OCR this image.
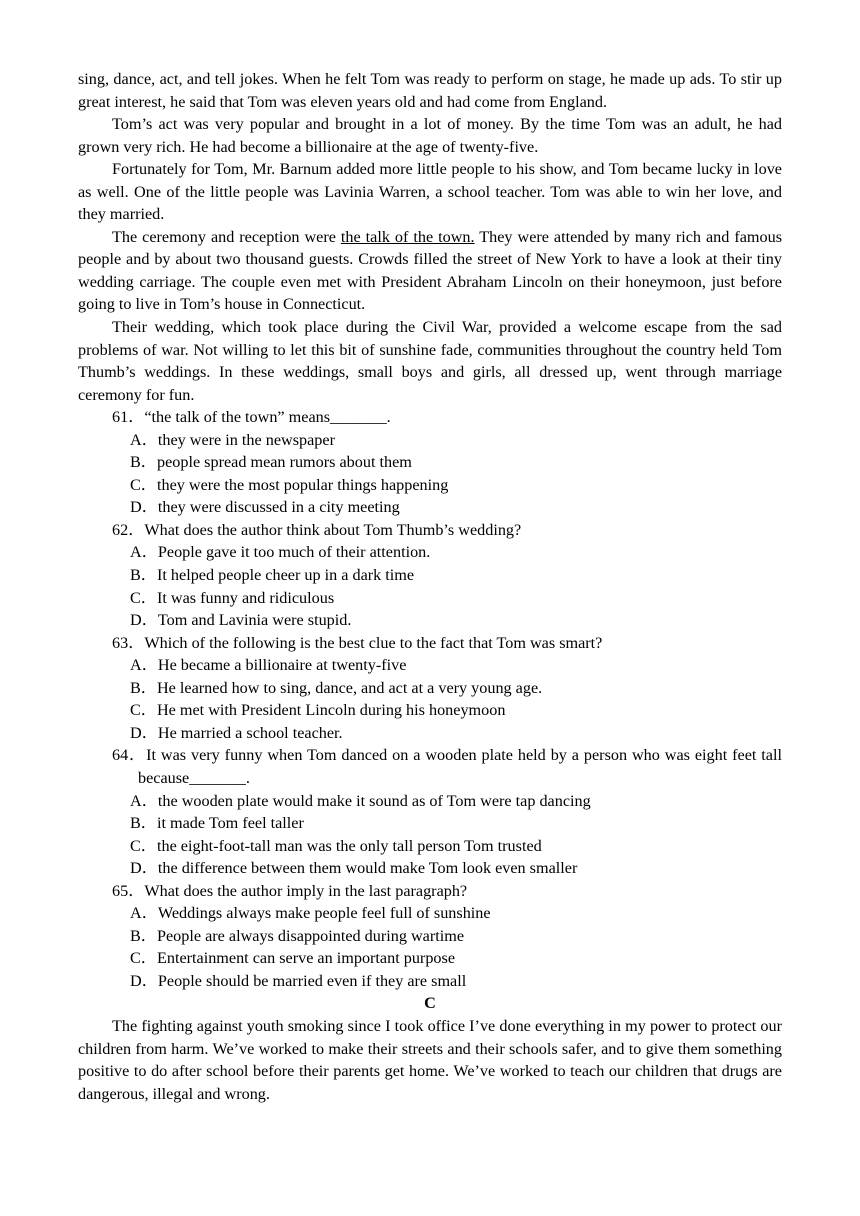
sing, dance, act, and tell jokes. When he felt Tom was ready to perform on stage, he made up ads. To stir up great interest, he said that Tom was eleven years old and had come from England.

Tom’s act was very popular and brought in a lot of money. By the time Tom was an adult, he had grown very rich. He had become a billionaire at the age of twenty-five.

Fortunately for Tom, Mr. Barnum added more little people to his show, and Tom became lucky in love as well. One of the little people was Lavinia Warren, a school teacher. Tom was able to win her love, and they married.

The ceremony and reception were the talk of the town. They were attended by many rich and famous people and by about two thousand guests. Crowds filled the street of New York to have a look at their tiny wedding carriage. The couple even met with President Abraham Lincoln on their honeymoon, just before going to live in Tom’s house in Connecticut.

Their wedding, which took place during the Civil War, provided a welcome escape from the sad problems of war. Not willing to let this bit of sunshine fade, communities throughout the country held Tom Thumb’s weddings. In these weddings, small boys and girls, all dressed up, went through marriage ceremony for fun.

61．“the talk of the town” means_______.

A．they were in the newspaper

B．people spread mean rumors about them

C．they were the most popular things happening

D．they were discussed in a city meeting

62．What does the author think about Tom Thumb’s wedding?

A．People gave it too much of their attention.

B．It helped people cheer up in a dark time

C．It was funny and ridiculous

D．Tom and Lavinia were stupid.

63．Which of the following is the best clue to the fact that Tom was smart?

A．He became a billionaire at twenty-five

B．He learned how to sing, dance, and act at a very young age.

C．He met with President Lincoln during his honeymoon

D．He married a school teacher.

64．It was very funny when Tom danced on a wooden plate held by a person who was eight feet tall because_______.

A．the wooden plate would make it sound as of Tom were tap dancing

B．it made Tom feel taller

C．the eight-foot-tall man was the only tall person Tom trusted

D．the difference between them would make Tom look even smaller

65．What does the author imply in the last paragraph?

A．Weddings always make people feel full of sunshine

B．People are always disappointed during wartime

C．Entertainment can serve an important purpose

D．People should be married even if they are small

C

The fighting against youth smoking since I took office I’ve done everything in my power to protect our children from harm. We’ve worked to make their streets and their schools safer, and to give them something positive to do after school before their parents get home. We’ve worked to teach our children that drugs are dangerous, illegal and wrong.
